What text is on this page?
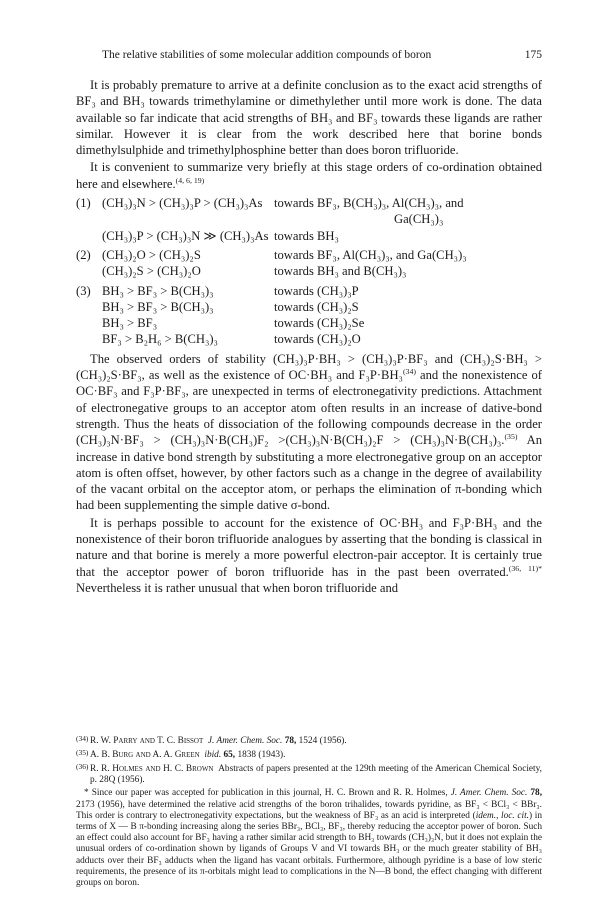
The relative stabilities of some molecular addition compounds of boron	175

It is probably premature to arrive at a definite conclusion as to the exact acid strengths of BF₃ and BH₃ towards trimethylamine or dimethylether until more work is done. The data available so far indicate that acid strengths of BH₃ and BF₃ towards these ligands are rather similar. However it is clear from the work described here that borine bonds dimethylsulphide and trimethylphosphine better than does boron trifluoride.

It is convenient to summarize very briefly at this stage orders of co-ordination obtained here and elsewhere.$^{(4, 6, 19)}$

(1) (CH₃)₃N > (CH₃)₃P > (CH₃)₃As towards BF₃, B(CH₃)₃, Al(CH₃)₃, and
Ga(CH₃)₃
(CH₃)₃P > (CH₃)₃N ≫ (CH₃)₃As towards BH₃
(2) (CH₃)₂O > (CH₃)₂S	towards BF₃, Al(CH₃)₃, and Ga(CH₃)₃
(CH₃)₂S > (CH₃)₂O	towards BH₃ and B(CH₃)₃
(3) BH₃ > BF₃ > B(CH₃)₃	towards (CH₃)₃P
BH₃ > BF₃ > B(CH₃)₃	towards (CH₃)₂S
BH₃ > BF₃	towards (CH₃)₂Se
BF₃ > B₂H₆ > B(CH₃)₃	towards (CH₃)₂O

The observed orders of stability (CH₃)₃P·BH₃ > (CH₃)₃P·BF₃ and (CH₃)₂S·BH₃ > (CH₃)₂S·BF₃, as well as the existence of OC·BH₃ and F₃P·BH₃$^{(34)}$ and the nonexistence of OC·BF₃ and F₃P·BF₃, are unexpected in terms of electronegativity predictions. Attachment of electronegative groups to an acceptor atom often results in an increase of dative-bond strength. Thus the heats of dissociation of the following compounds decrease in the order (CH₃)₃N·BF₃ > (CH₃)₃N·B(CH₃)F₂ >(CH₃)₃N·B(CH₃)₂F > (CH₃)₃N·B(CH₃)₃.$^{(35)}$ An increase in dative bond strength by substituting a more electronegative group on an acceptor atom is often offset, however, by other factors such as a change in the degree of availability of the vacant orbital on the acceptor atom, or perhaps the elimination of π-bonding which had been supplementing the simple dative σ-bond.

It is perhaps possible to account for the existence of OC·BH₃ and F₃P·BH₃ and the nonexistence of their boron trifluoride analogues by asserting that the bonding is classical in nature and that borine is merely a more powerful electron-pair acceptor. It is certainly true that the acceptor power of boron trifluoride has in the past been overrated.$^{(36, 11)*}$ Nevertheless it is rather unusual that when boron trifluoride and

(34) R. W. Parry and T. C. Bissot J. Amer. Chem. Soc. 78, 1524 (1956).

(35) A. B. Burg and A. A. Green ibid. 65, 1838 (1943).

(36) R. R. Holmes and H. C. Brown Abstracts of papers presented at the 129th meeting of the American Chemical Society, p. 28Q (1956).

* Since our paper was accepted for publication in this journal, H. C. Brown and R. R. Holmes, J. Amer. Chem. Soc. 78, 2173 (1956), have determined the relative acid strengths of the boron trihalides, towards pyridine, as BF₃ < BCl₃ < BBr₃. This order is contrary to electronegativity expectations, but the weakness of BF₃ as an acid is interpreted (idem., loc. cit.) in terms of X — B π-bonding increasing along the series BBr₃, BCl₃, BF₃, thereby reducing the acceptor power of boron. Such an effect could also account for BF₃ having a rather similar acid strength to BH₃ towards (CH₃)₃N, but it does not explain the unusual orders of co-ordination shown by ligands of Groups V and VI towards BH₃ or the much greater stability of BH₃ adducts over their BF₃ adducts when the ligand has vacant orbitals. Furthermore, although pyridine is a base of low steric requirements, the presence of its π-orbitals might lead to complications in the N—B bond, the effect changing with different groups on boron.
